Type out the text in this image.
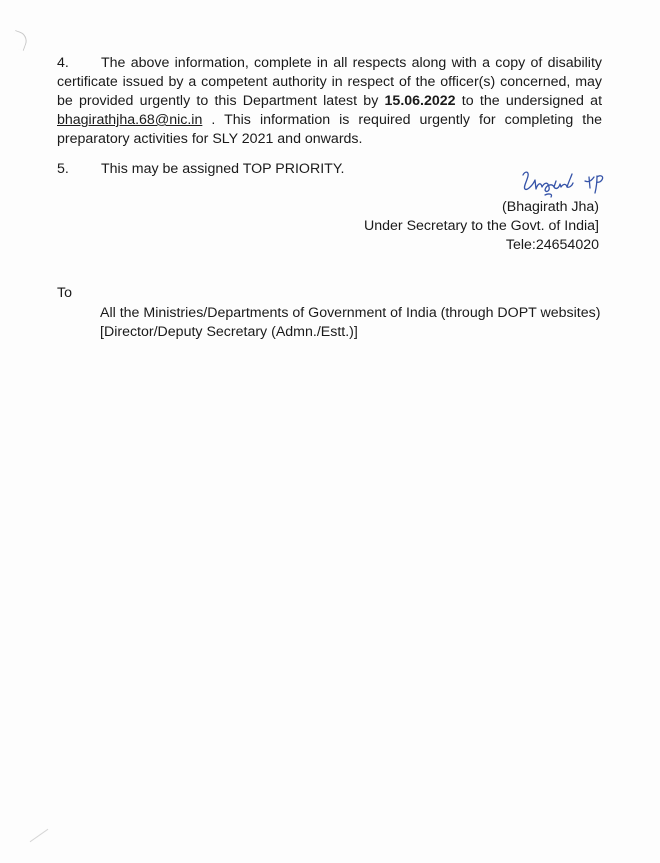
4. The above information, complete in all respects along with a copy of disability certificate issued by a competent authority in respect of the officer(s) concerned, may be provided urgently to this Department latest by 15.06.2022 to the undersigned at bhagirathjha.68@nic.in . This information is required urgently for completing the preparatory activities for SLY 2021 and onwards.

5. This may be assigned TOP PRIORITY.

(Bhagirath Jha)
Under Secretary to the Govt. of India]
Tele:24654020
To
All the Ministries/Departments of Government of India (through DOPT websites)
[Director/Deputy Secretary (Admn./Estt.)]
